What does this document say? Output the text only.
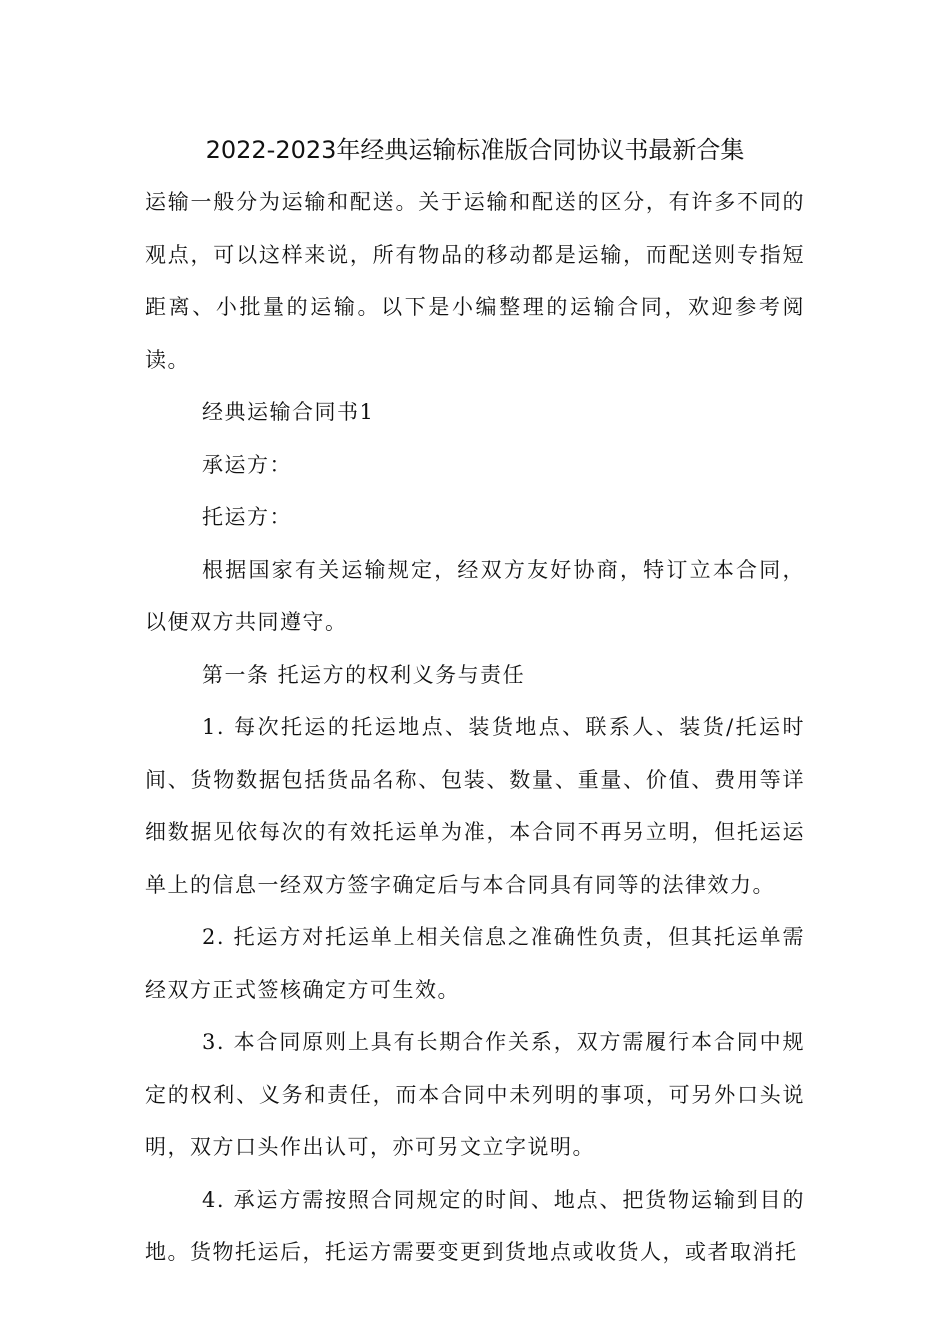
2022-2023年经典运输标准版合同协议书最新合集

运输一般分为运输和配送。关于运输和配送的区分，有许多不同的观点，可以这样来说，所有物品的移动都是运输，而配送则专指短距离、小批量的运输。以下是小编整理的运输合同，欢迎参考阅读。

经典运输合同书1

承运方：

托运方：

根据国家有关运输规定，经双方友好协商，特订立本合同，以便双方共同遵守。

第一条 托运方的权利义务与责任

1. 每次托运的托运地点、装货地点、联系人、装货/托运时间、货物数据包括货品名称、包装、数量、重量、价值、费用等详细数据见依每次的有效托运单为准，本合同不再另立明，但托运运单上的信息一经双方签字确定后与本合同具有同等的法律效力。

2. 托运方对托运单上相关信息之准确性负责，但其托运单需经双方正式签核确定方可生效。

3. 本合同原则上具有长期合作关系，双方需履行本合同中规定的权利、义务和责任，而本合同中未列明的事项，可另外口头说明，双方口头作出认可，亦可另文立字说明。

4. 承运方需按照合同规定的时间、地点、把货物运输到目的地。货物托运后，托运方需要变更到货地点或收货人，或者取消托
